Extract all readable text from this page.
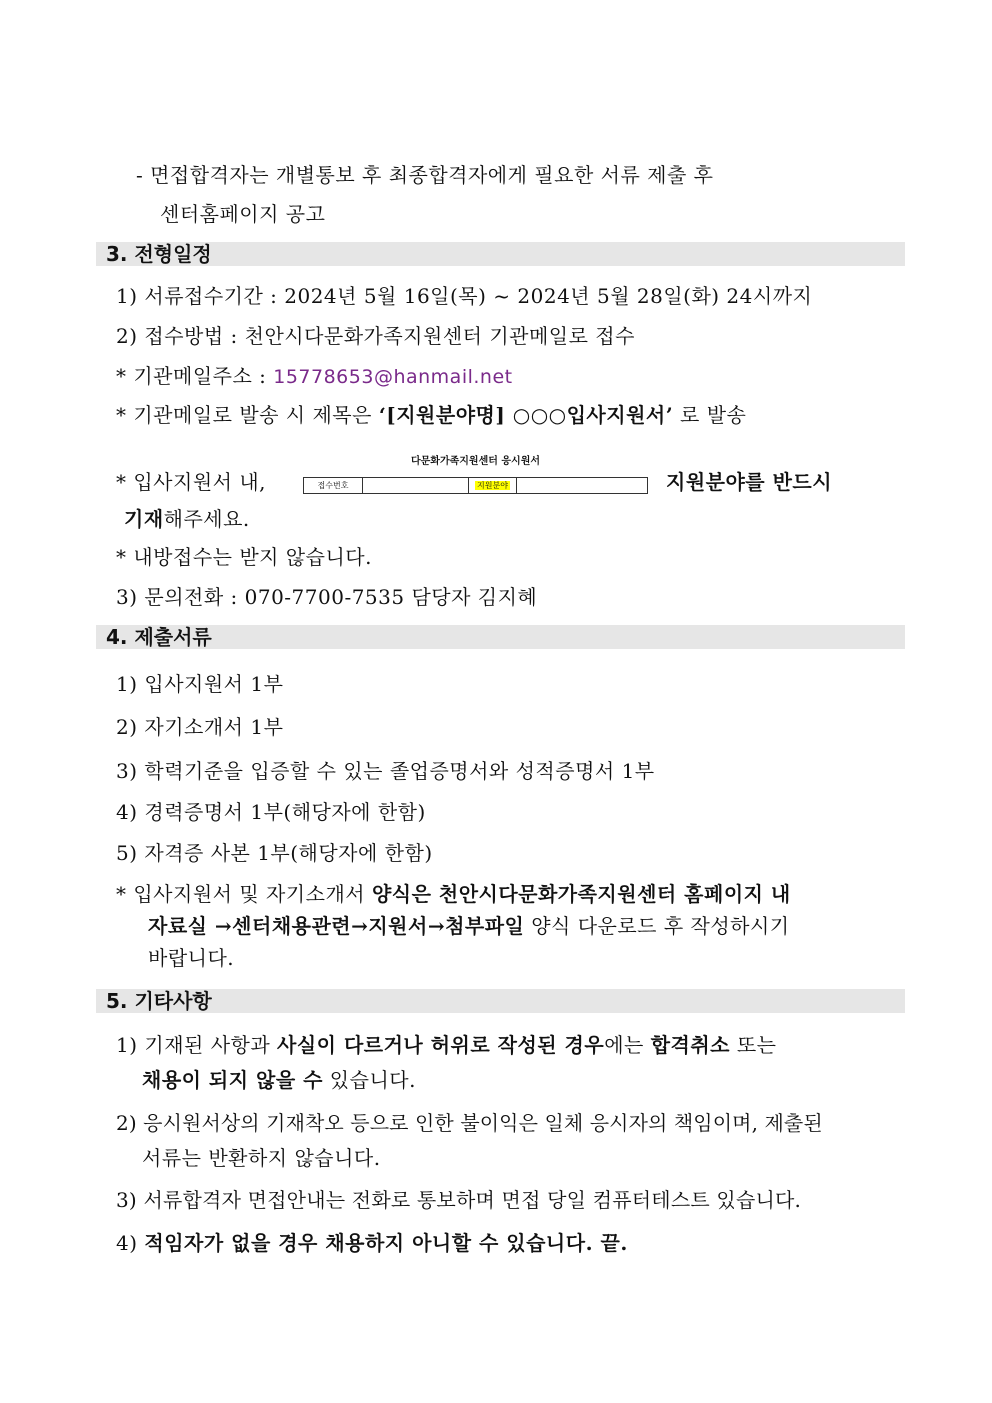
- 면접합격자는 개별통보 후 최종합격자에게 필요한 서류 제출 후
센터홈페이지 공고
3. 전형일정
1) 서류접수기간 : 2024년 5월 16일(목) ~ 2024년 5월 28일(화) 24시까지
2) 접수방법 : 천안시다문화가족지원센터 기관메일로 접수
* 기관메일주소 : 15778653@hanmail.net
* 기관메일로 발송 시 제목은 ‘[지원분야명] ○○○입사지원서’ 로 발송
* 입사지원서 내,
다문화가족지원센터 응시원서
접수번호	지원분야	지원분야를 반드시
기재해주세요.
* 내방접수는 받지 않습니다.
3) 문의전화 : 070-7700-7535 담당자 김지혜
4. 제출서류
1) 입사지원서 1부
2) 자기소개서 1부
3) 학력기준을 입증할 수 있는 졸업증명서와 성적증명서 1부
4) 경력증명서 1부(해당자에 한함)
5) 자격증 사본 1부(해당자에 한함)
* 입사지원서 및 자기소개서 양식은 천안시다문화가족지원센터 홈페이지 내
자료실 →센터채용관련→지원서→첨부파일 양식 다운로드 후 작성하시기
바랍니다.
5. 기타사항
1) 기재된 사항과 사실이 다르거나 허위로 작성된 경우에는 합격취소 또는
채용이 되지 않을 수 있습니다.
2) 응시원서상의 기재착오 등으로 인한 불이익은 일체 응시자의 책임이며, 제출된
서류는 반환하지 않습니다.
3) 서류합격자 면접안내는 전화로 통보하며 면접 당일 컴퓨터테스트 있습니다.
4) 적임자가 없을 경우 채용하지 아니할 수 있습니다. 끝.
